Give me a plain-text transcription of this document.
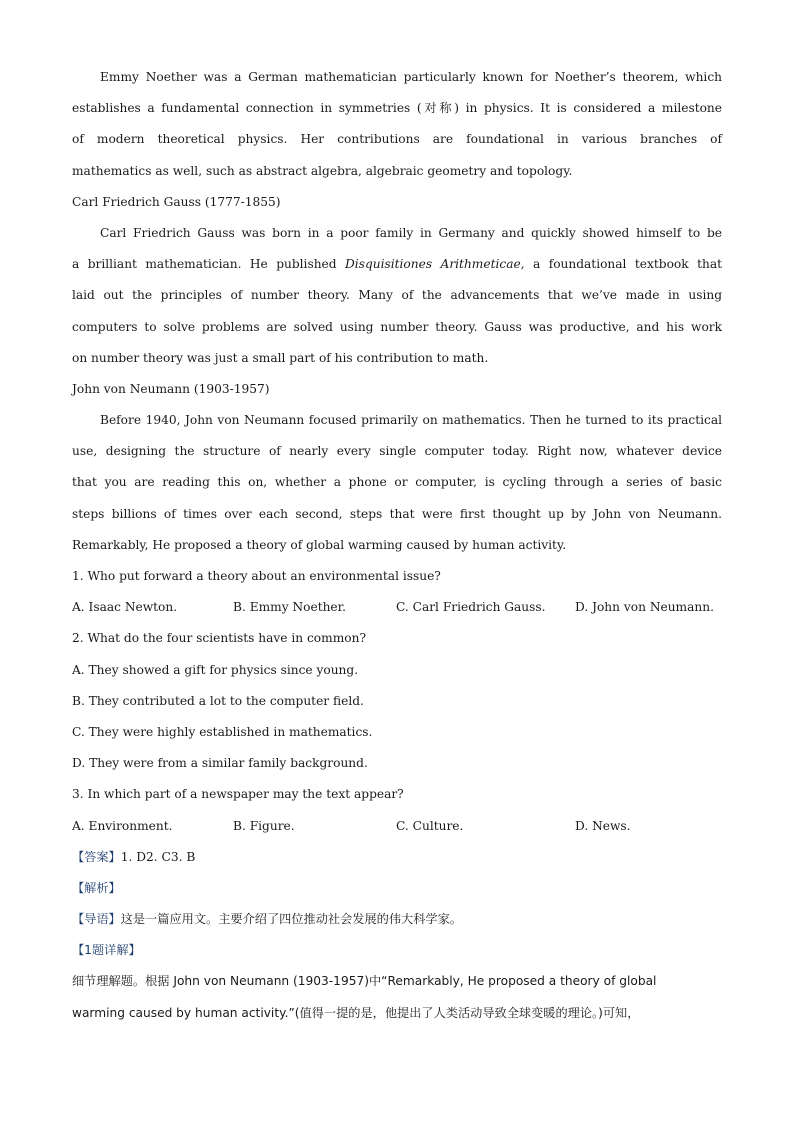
Emmy Noether was a German mathematician particularly known for Noether’s theorem, which
establishes a fundamental connection in symmetries (对称) in physics. It is considered a milestone
of modern theoretical physics. Her contributions are foundational in various branches of
mathematics as well, such as abstract algebra, algebraic geometry and topology.
Carl Friedrich Gauss (1777-1855)
Carl Friedrich Gauss was born in a poor family in Germany and quickly showed himself to be
a brilliant mathematician. He published Disquisitiones Arithmeticae, a foundational textbook that
laid out the principles of number theory. Many of the advancements that we’ve made in using
computers to solve problems are solved using number theory. Gauss was productive, and his work
on number theory was just a small part of his contribution to math.
John von Neumann (1903-1957)
Before 1940, John von Neumann focused primarily on mathematics. Then he turned to its practical
use, designing the structure of nearly every single computer today. Right now, whatever device
that you are reading this on, whether a phone or computer, is cycling through a series of basic
steps billions of times over each second, steps that were first thought up by John von Neumann.
Remarkably, He proposed a theory of global warming caused by human activity.
1. Who put forward a theory about an environmental issue?
A. Isaac Newton.	B. Emmy Noether.	C. Carl Friedrich Gauss.	D. John von Neumann.
2. What do the four scientists have in common?
A. They showed a gift for physics since young.
B. They contributed a lot to the computer field.
C. They were highly established in mathematics.
D. They were from a similar family background.
3. In which part of a newspaper may the text appear?
A. Environment.	B. Figure.	C. Culture.	D. News.
【答案】1. D2. C3. B
【解析】
【导语】这是一篇应用文。主要介绍了四位推动社会发展的伟大科学家。
【1题详解】
细节理解题。根据 John von Neumann (1903-1957)中“Remarkably, He proposed a theory of global
warming caused by human activity.”(值得一提的是，他提出了人类活动导致全球变暖的理论。)可知，
